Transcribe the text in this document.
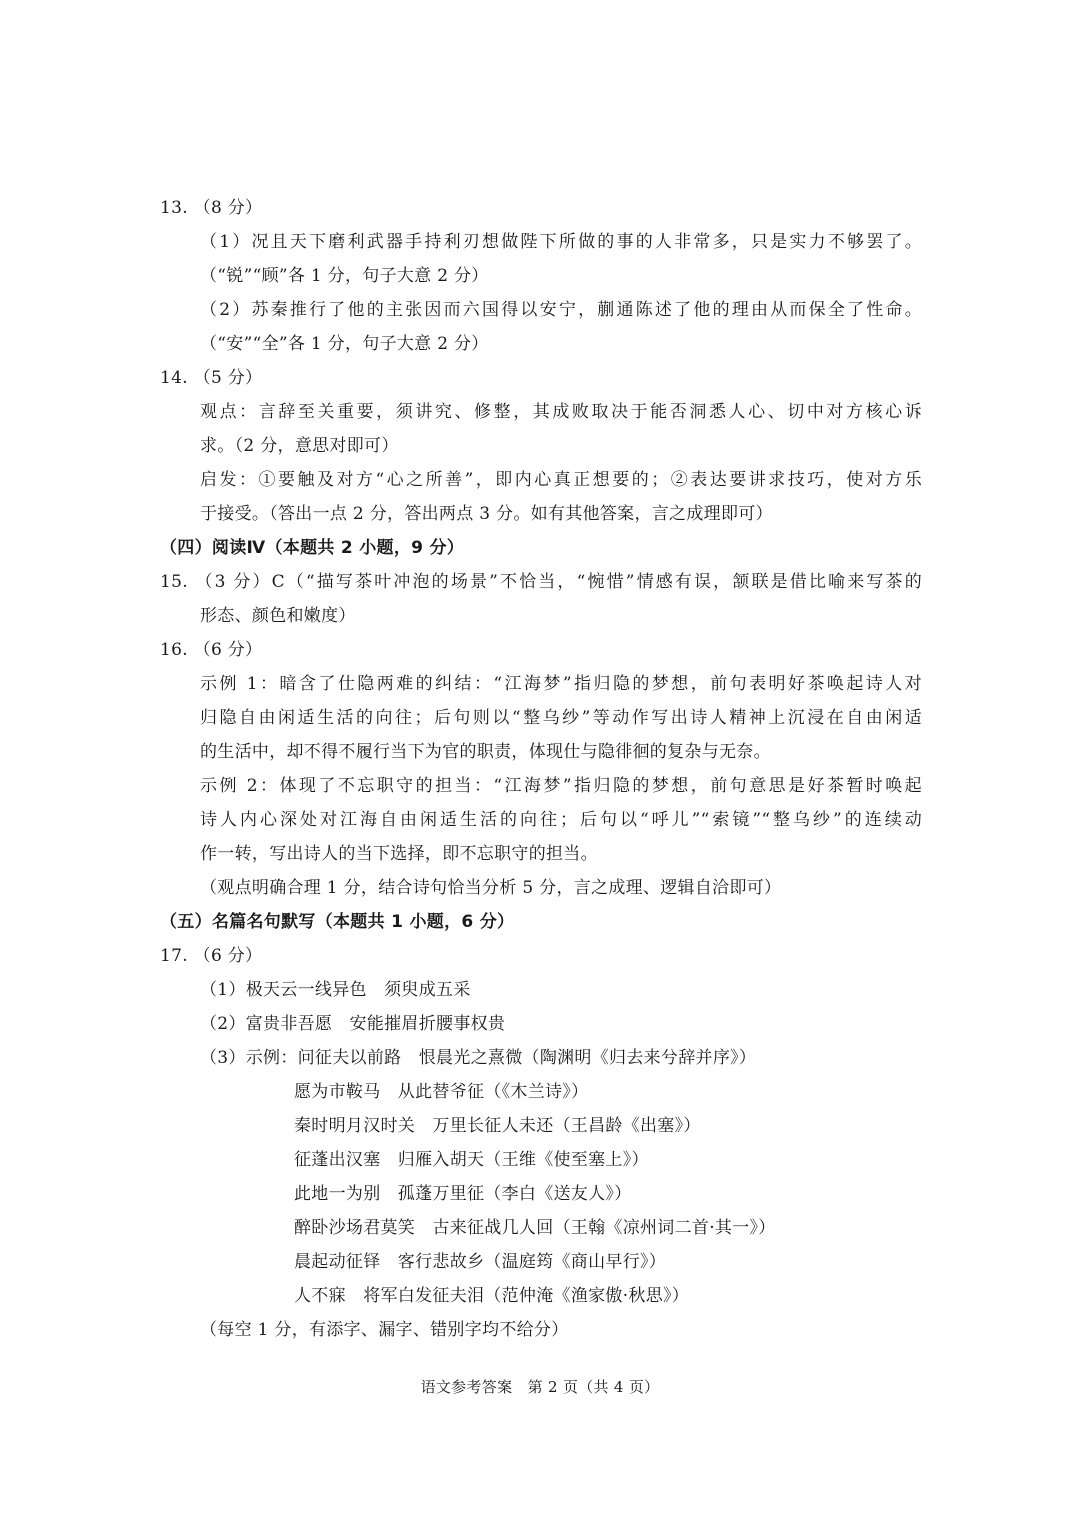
13. （8 分）
（1）况且天下磨利武器手持利刃想做陛下所做的事的人非常多，只是实力不够罢了。
（“锐”“顾”各 1 分，句子大意 2 分）
（2）苏秦推行了他的主张因而六国得以安宁，蒯通陈述了他的理由从而保全了性命。
（“安”“全”各 1 分，句子大意 2 分）
14. （5 分）
观点：言辞至关重要，须讲究、修整，其成败取决于能否洞悉人心、切中对方核心诉
求。（2 分，意思对即可）
启发：①要触及对方“心之所善”，即内心真正想要的；②表达要讲求技巧，使对方乐
于接受。（答出一点 2 分，答出两点 3 分。如有其他答案，言之成理即可）
（四）阅读Ⅳ（本题共 2 小题，9 分）
15. （3 分）C（“描写茶叶冲泡的场景”不恰当，“惋惜”情感有误，颔联是借比喻来写茶的
形态、颜色和嫩度）
16. （6 分）
示例 1：暗含了仕隐两难的纠结：“江海梦”指归隐的梦想，前句表明好茶唤起诗人对
归隐自由闲适生活的向往；后句则以“整乌纱”等动作写出诗人精神上沉浸在自由闲适
的生活中，却不得不履行当下为官的职责，体现仕与隐徘徊的复杂与无奈。
示例 2：体现了不忘职守的担当：“江海梦”指归隐的梦想，前句意思是好茶暂时唤起
诗人内心深处对江海自由闲适生活的向往；后句以“呼儿”“索镜”“整乌纱”的连续动
作一转，写出诗人的当下选择，即不忘职守的担当。
（观点明确合理 1 分，结合诗句恰当分析 5 分，言之成理、逻辑自洽即可）
（五）名篇名句默写（本题共 1 小题，6 分）
17. （6 分）
（1）极天云一线异色　须臾成五采
（2）富贵非吾愿　安能摧眉折腰事权贵
（3）示例：问征夫以前路　恨晨光之熹微（陶渊明《归去来兮辞并序》）
愿为市鞍马　从此替爷征（《木兰诗》）
秦时明月汉时关　万里长征人未还（王昌龄《出塞》）
征蓬出汉塞　归雁入胡天（王维《使至塞上》）
此地一为别　孤蓬万里征（李白《送友人》）
醉卧沙场君莫笑　古来征战几人回（王翰《凉州词二首·其一》）
晨起动征铎　客行悲故乡（温庭筠《商山早行》）
人不寐　将军白发征夫泪（范仲淹《渔家傲·秋思》）
（每空 1 分，有添字、漏字、错别字均不给分）
语文参考答案　第 2 页（共 4 页）
